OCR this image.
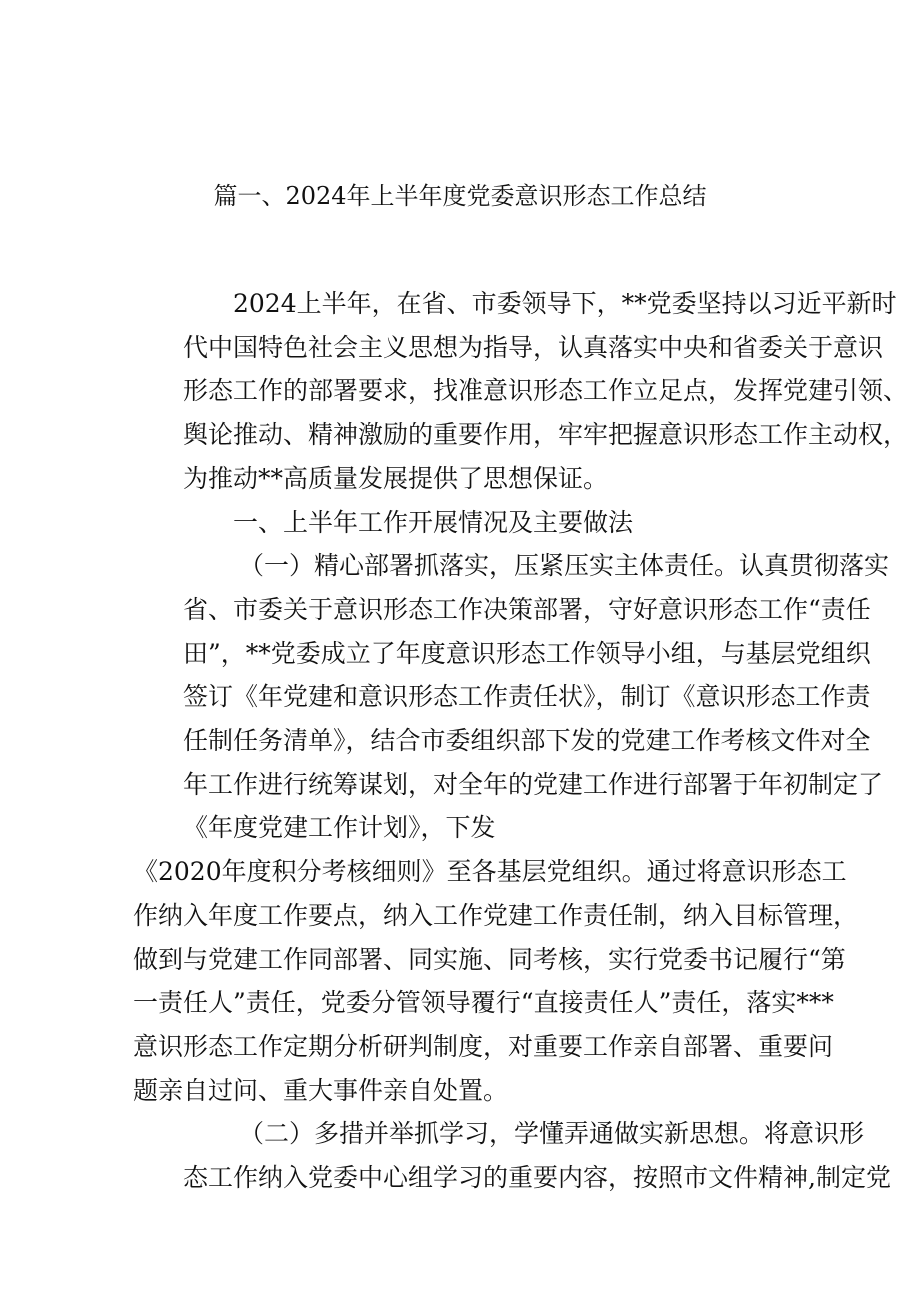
篇一、2024年上半年度党委意识形态工作总结
2024上半年，在省、市委领导下，**党委坚持以习近平新时
代中国特色社会主义思想为指导，认真落实中央和省委关于意识
形态工作的部署要求，找准意识形态工作立足点，发挥党建引领、
舆论推动、精神激励的重要作用，牢牢把握意识形态工作主动权，
为推动**高质量发展提供了思想保证。
一、上半年工作开展情况及主要做法
（一）精心部署抓落实，压紧压实主体责任。认真贯彻落实
省、市委关于意识形态工作决策部署，守好意识形态工作“责任
田”，**党委成立了年度意识形态工作领导小组，与基层党组织
签订《年党建和意识形态工作责任状》，制订《意识形态工作责
任制任务清单》，结合市委组织部下发的党建工作考核文件对全
年工作进行统筹谋划，对全年的党建工作进行部署于年初制定了
《年度党建工作计划》，下发
《2020年度积分考核细则》至各基层党组织。通过将意识形态工
作纳入年度工作要点，纳入工作党建工作责任制，纳入目标管理，
做到与党建工作同部署、同实施、同考核，实行党委书记履行“第
一责任人”责任，党委分管领导覆行“直接责任人”责任，落实***
意识形态工作定期分析研判制度，对重要工作亲自部署、重要问
题亲自过问、重大事件亲自处置。
（二）多措并举抓学习，学懂弄通做实新思想。将意识形
态工作纳入党委中心组学习的重要内容，按照市文件精神,制定党
